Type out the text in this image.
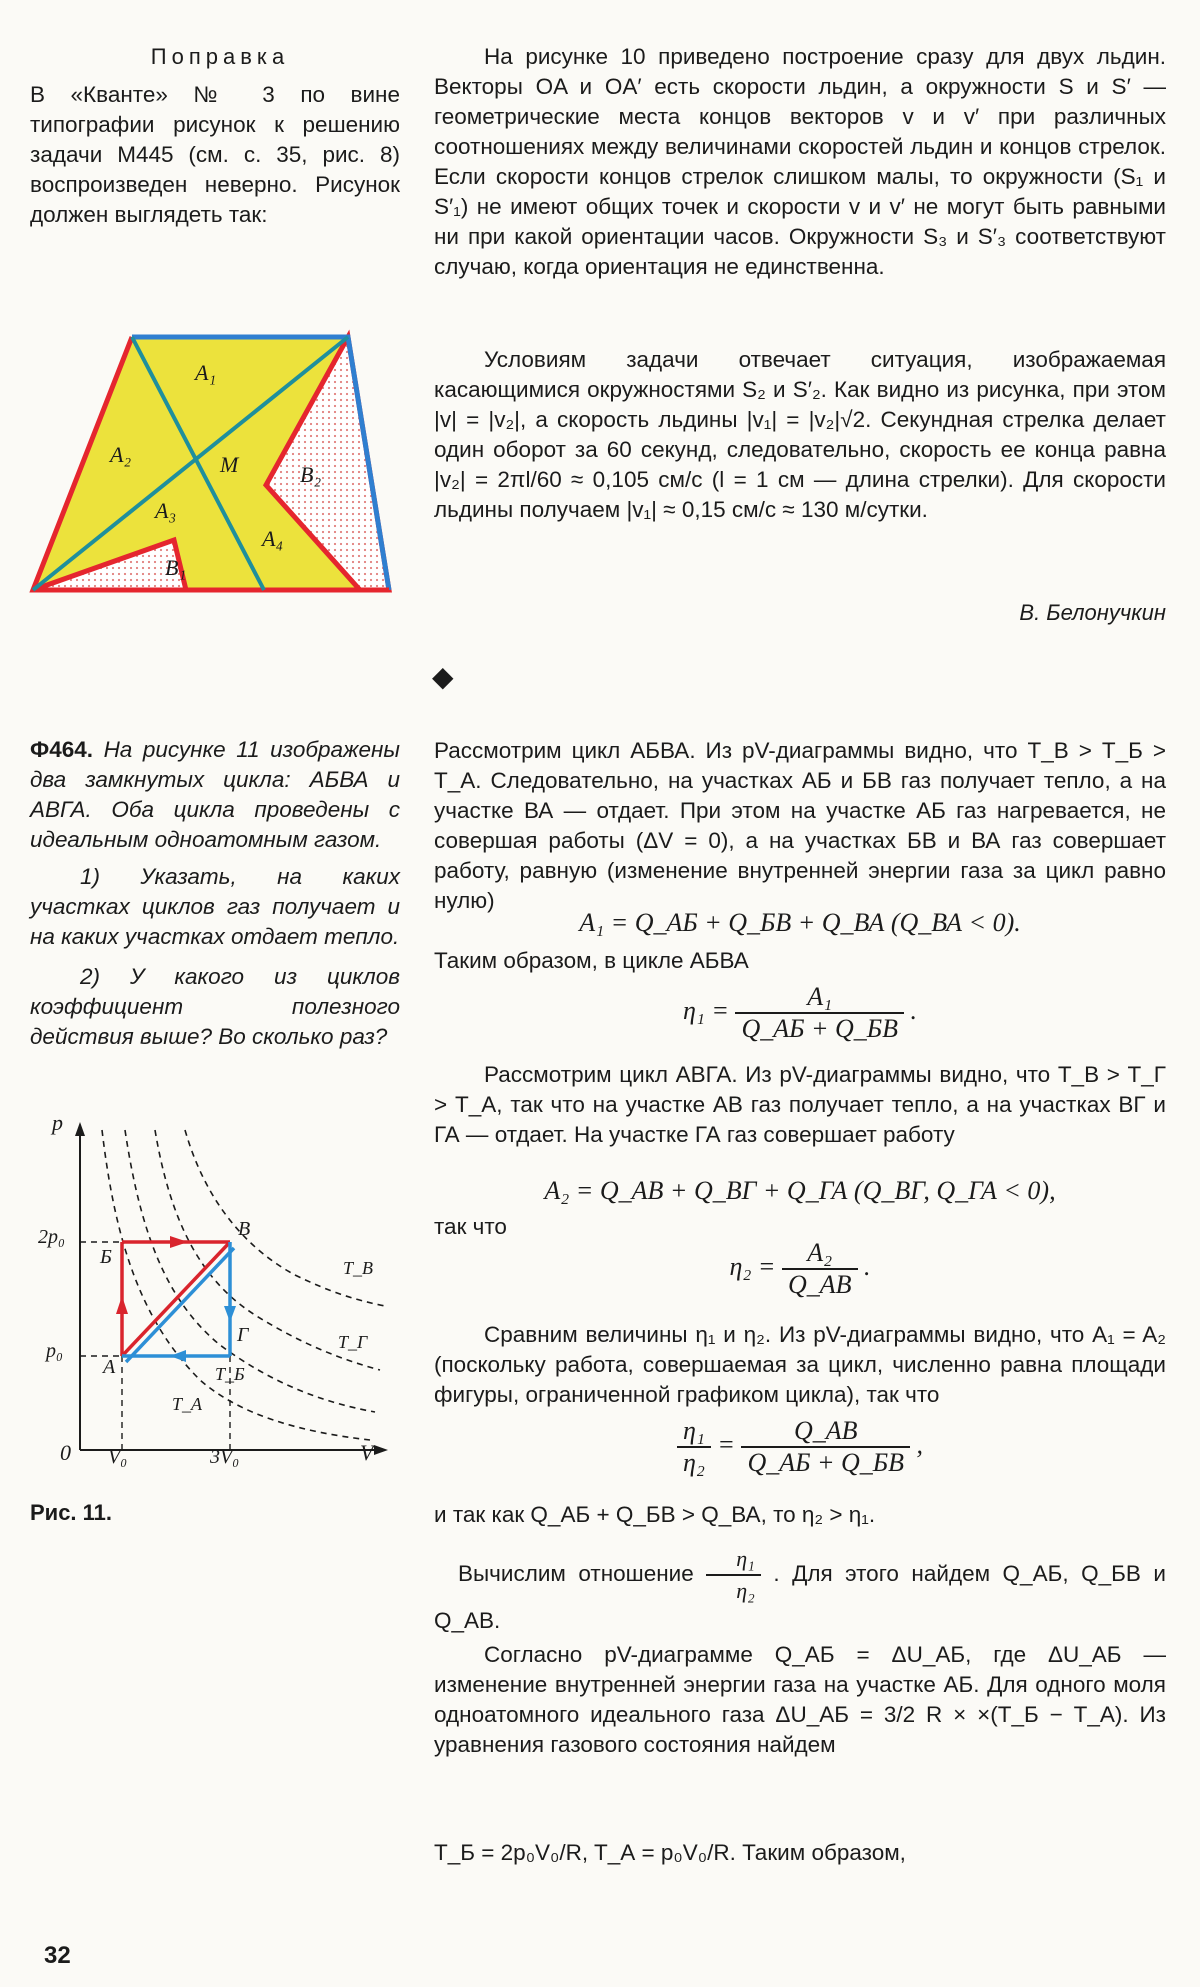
Поправка

В «Кванте» № 3 по вине типографии рисунок к решению задачи М445 (см. с. 35, рис. 8) воспроизведен неверно. Рисунок должен выглядеть так:

A₁
A₂	M
A₃
A₄
B₁
B₂

На рисунке 10 приведено построение сразу для двух льдин. Векторы OA и OA′ есть скорости льдин, а окружности S и S′ — геометрические места концов векторов v и v′ при различных соотношениях между величинами скоростей льдин и концов стрелок. Если скорости концов стрелок слишком малы, то окружности (S₁ и S′₁) не имеют общих точек и скорости v и v′ не могут быть равными ни при какой ориентации часов. Окружности S₃ и S′₃ соответствуют случаю, когда ориентация не единственна.

Условиям задачи отвечает ситуация, изображаемая касающимися окружностями S₂ и S′₂. Как видно из рисунка, при этом |v| = |v₂|, а скорость льдины |v₁| = |v₂|√2. Секундная стрелка делает один оборот за 60 секунд, следовательно, скорость ее конца равна |v₂| = 2πl/60 ≈ 0,105 см/с (l = 1 см — длина стрелки). Для скорости льдины получаем |v₁| ≈ 0,15 см/с ≈ 130 м/сутки.

В. Белонучкин
◆

Ф464. На рисунке 11 изображены два замкнутых цикла: АБВА и АВГА. Оба цикла проведены с идеальным одноатомным газом.

1) Указать, на каких участках циклов газ получает и на каких участках отдает тепло.

2) У какого из циклов коэффициент полезного действия выше? Во сколько раз?

p
V
0
2p₀
p₀
V₀	3V₀
A
Б
B
Г
T_B
T_Г
T_Б
T_A
Рис. 11.

Рассмотрим цикл АБВА. Из pV-диаграммы видно, что T_В > T_Б > T_А. Следовательно, на участках АБ и БВ газ получает тепло, а на участке ВА — отдает. При этом на участке АБ газ нагревается, не совершая работы (ΔV = 0), а на участках БВ и ВА газ совершает работу, равную (изменение внутренней энергии газа за цикл равно нулю)

A₁ = Q_АБ + Q_БВ + Q_ВА (Q_ВА < 0).

Таким образом, в цикле АБВА

$\eta_1 = \frac{\text{A₁}}{Q\_АБ + Q\_БВ}$ .

Рассмотрим цикл АВГА. Из pV-диаграммы видно, что T_В > T_Г > T_А, так что на участке АВ газ получает тепло, а на участках ВГ и ГА — отдает. На участке ГА газ совершает работу

A₂ = Q_АВ + Q_ВГ + Q_ГА (Q_ВГ, Q_ГА < 0),

так что

$\eta_2 = \frac{\text{A₂}}{Q\_АВ}$ .

Сравним величины η₁ и η₂. Из pV-диаграммы видно, что A₁ = A₂ (поскольку работа, совершаемая за цикл, численно равна площади фигуры, ограниченной графиком цикла), так что

$\frac{\text{η₁}}{\text{η₂}} = \frac{Q\_АВ}{Q\_АБ + Q\_БВ}$ ,

и так как Q_АБ + Q_БВ > Q_ВА, то η₂ > η₁.

Вычислим отношение $\frac{\text{η₁}}{\text{η₂}}$ . Для этого найдем Q_АБ, Q_БВ и Q_АВ.

Согласно pV-диаграмме Q_АБ = ΔU_АБ, где ΔU_АБ — изменение внутренней энергии газа на участке АБ. Для одного моля одноатомного идеального газа ΔU_АБ = 3/2 R × ×(T_Б − T_А). Из уравнения газового состояния найдем

T_Б = 2p₀V₀/R, T_А = p₀V₀/R. Таким образом,

32
